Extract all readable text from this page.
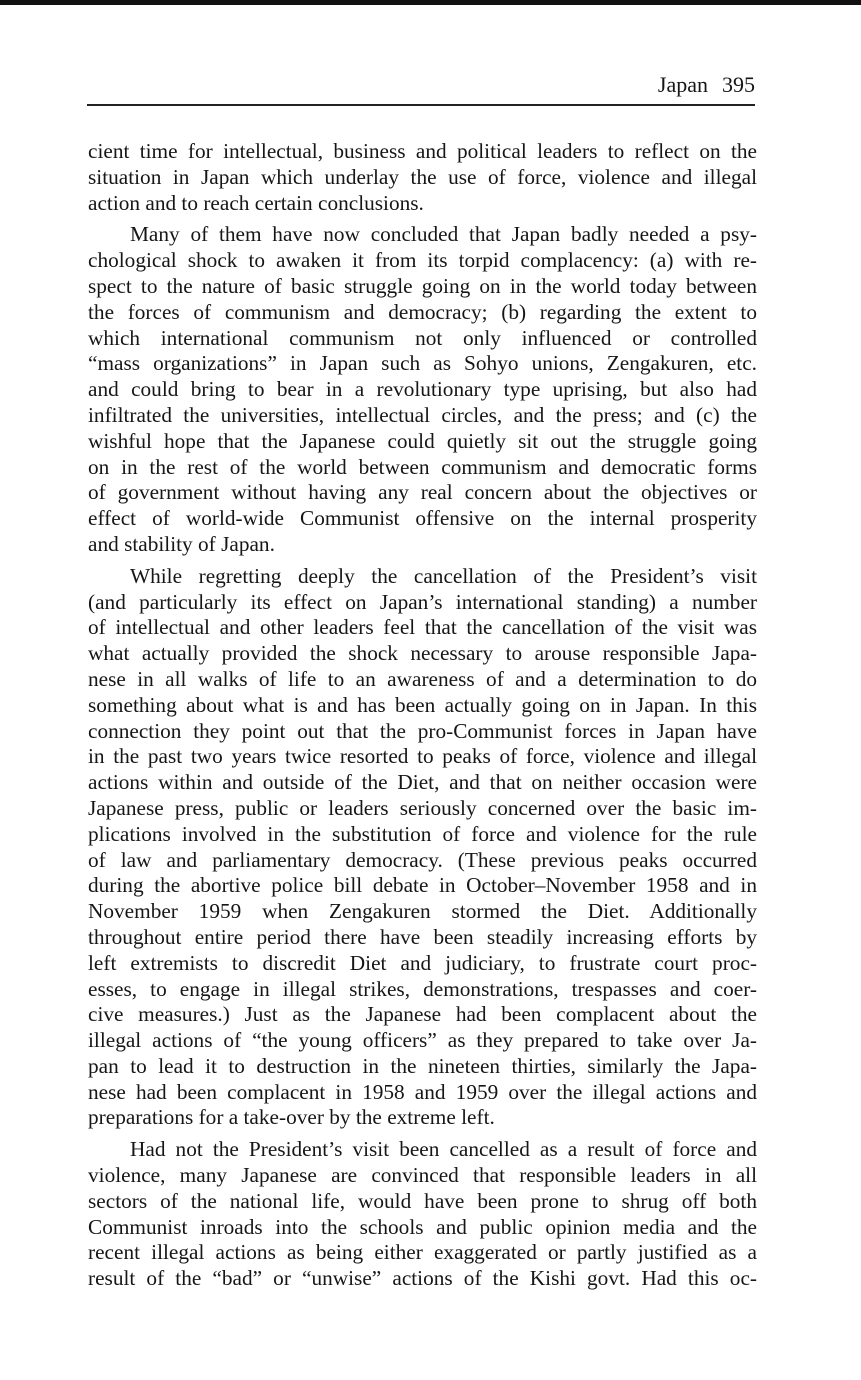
Japan 395
cient time for intellectual, business and political leaders to reflect on the
situation in Japan which underlay the use of force, violence and illegal
action and to reach certain conclusions.
Many of them have now concluded that Japan badly needed a psy-
chological shock to awaken it from its torpid complacency: (a) with re-
spect to the nature of basic struggle going on in the world today between
the forces of communism and democracy; (b) regarding the extent to
which international communism not only influenced or controlled
“mass organizations” in Japan such as Sohyo unions, Zengakuren, etc.
and could bring to bear in a revolutionary type uprising, but also had
infiltrated the universities, intellectual circles, and the press; and (c) the
wishful hope that the Japanese could quietly sit out the struggle going
on in the rest of the world between communism and democratic forms
of government without having any real concern about the objectives or
effect of world-wide Communist offensive on the internal prosperity
and stability of Japan.
While regretting deeply the cancellation of the President’s visit
(and particularly its effect on Japan’s international standing) a number
of intellectual and other leaders feel that the cancellation of the visit was
what actually provided the shock necessary to arouse responsible Japa-
nese in all walks of life to an awareness of and a determination to do
something about what is and has been actually going on in Japan. In this
connection they point out that the pro-Communist forces in Japan have
in the past two years twice resorted to peaks of force, violence and illegal
actions within and outside of the Diet, and that on neither occasion were
Japanese press, public or leaders seriously concerned over the basic im-
plications involved in the substitution of force and violence for the rule
of law and parliamentary democracy. (These previous peaks occurred
during the abortive police bill debate in October–November 1958 and in
November 1959 when Zengakuren stormed the Diet. Additionally
throughout entire period there have been steadily increasing efforts by
left extremists to discredit Diet and judiciary, to frustrate court proc-
esses, to engage in illegal strikes, demonstrations, trespasses and coer-
cive measures.) Just as the Japanese had been complacent about the
illegal actions of “the young officers” as they prepared to take over Ja-
pan to lead it to destruction in the nineteen thirties, similarly the Japa-
nese had been complacent in 1958 and 1959 over the illegal actions and
preparations for a take-over by the extreme left.
Had not the President’s visit been cancelled as a result of force and
violence, many Japanese are convinced that responsible leaders in all
sectors of the national life, would have been prone to shrug off both
Communist inroads into the schools and public opinion media and the
recent illegal actions as being either exaggerated or partly justified as a
result of the “bad” or “unwise” actions of the Kishi govt. Had this oc-
